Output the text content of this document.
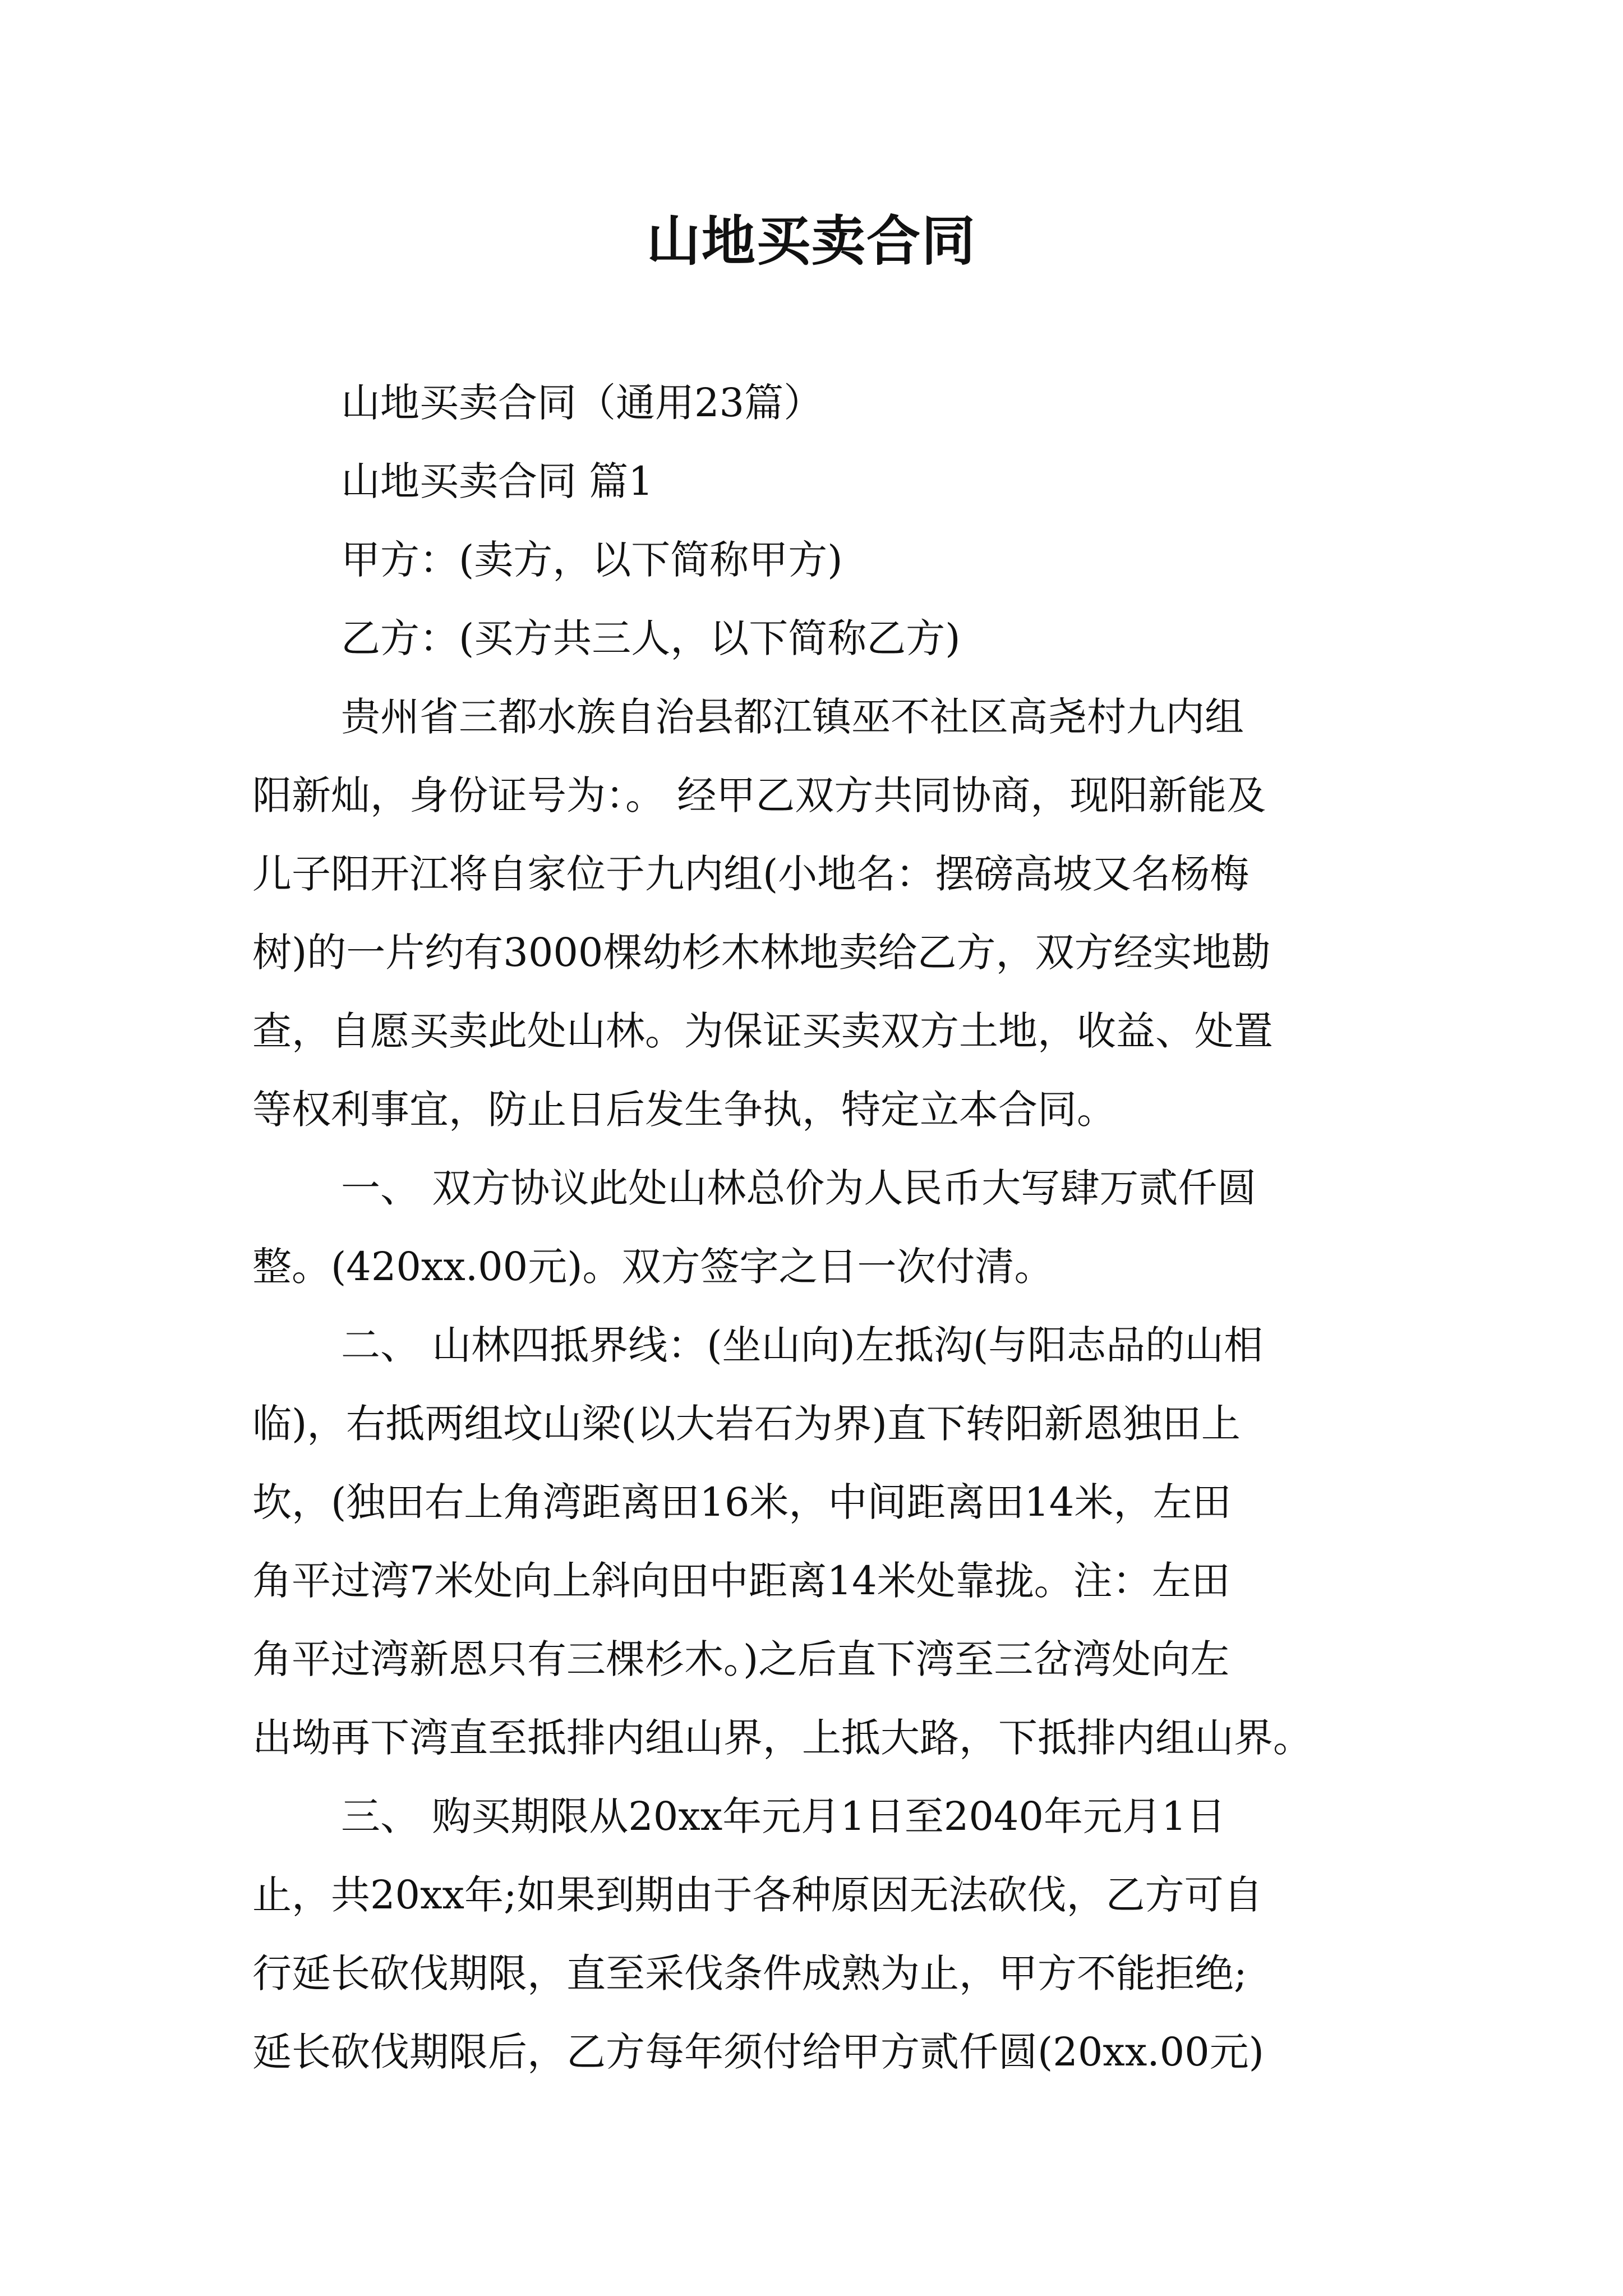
山地买卖合同

山地买卖合同（通用23篇）

山地买卖合同 篇1

甲方：(卖方，以下简称甲方)

乙方：(买方共三人，以下简称乙方)

贵州省三都水族自治县都江镇巫不社区高尧村九内组

阳新灿，身份证号为：。 经甲乙双方共同协商，现阳新能及

儿子阳开江将自家位于九内组(小地名：摆磅高坡又名杨梅

树)的一片约有3000棵幼杉木林地卖给乙方，双方经实地勘

查，自愿买卖此处山林。为保证买卖双方土地，收益、处置

等权利事宜，防止日后发生争执，特定立本合同。

一、 双方协议此处山林总价为人民币大写肆万贰仟圆

整。(420xx.00元)。双方签字之日一次付清。

二、 山林四抵界线：(坐山向)左抵沟(与阳志品的山相

临)，右抵两组坟山梁(以大岩石为界)直下转阳新恩独田上

坎，(独田右上角湾距离田16米，中间距离田14米，左田

角平过湾7米处向上斜向田中距离14米处靠拢。注：左田

角平过湾新恩只有三棵杉木。)之后直下湾至三岔湾处向左

出坳再下湾直至抵排内组山界，上抵大路，下抵排内组山界。

三、 购买期限从20xx年元月1日至2040年元月1日

止，共20xx年;如果到期由于各种原因无法砍伐，乙方可自

行延长砍伐期限，直至采伐条件成熟为止，甲方不能拒绝;

延长砍伐期限后，乙方每年须付给甲方贰仟圆(20xx.00元)
